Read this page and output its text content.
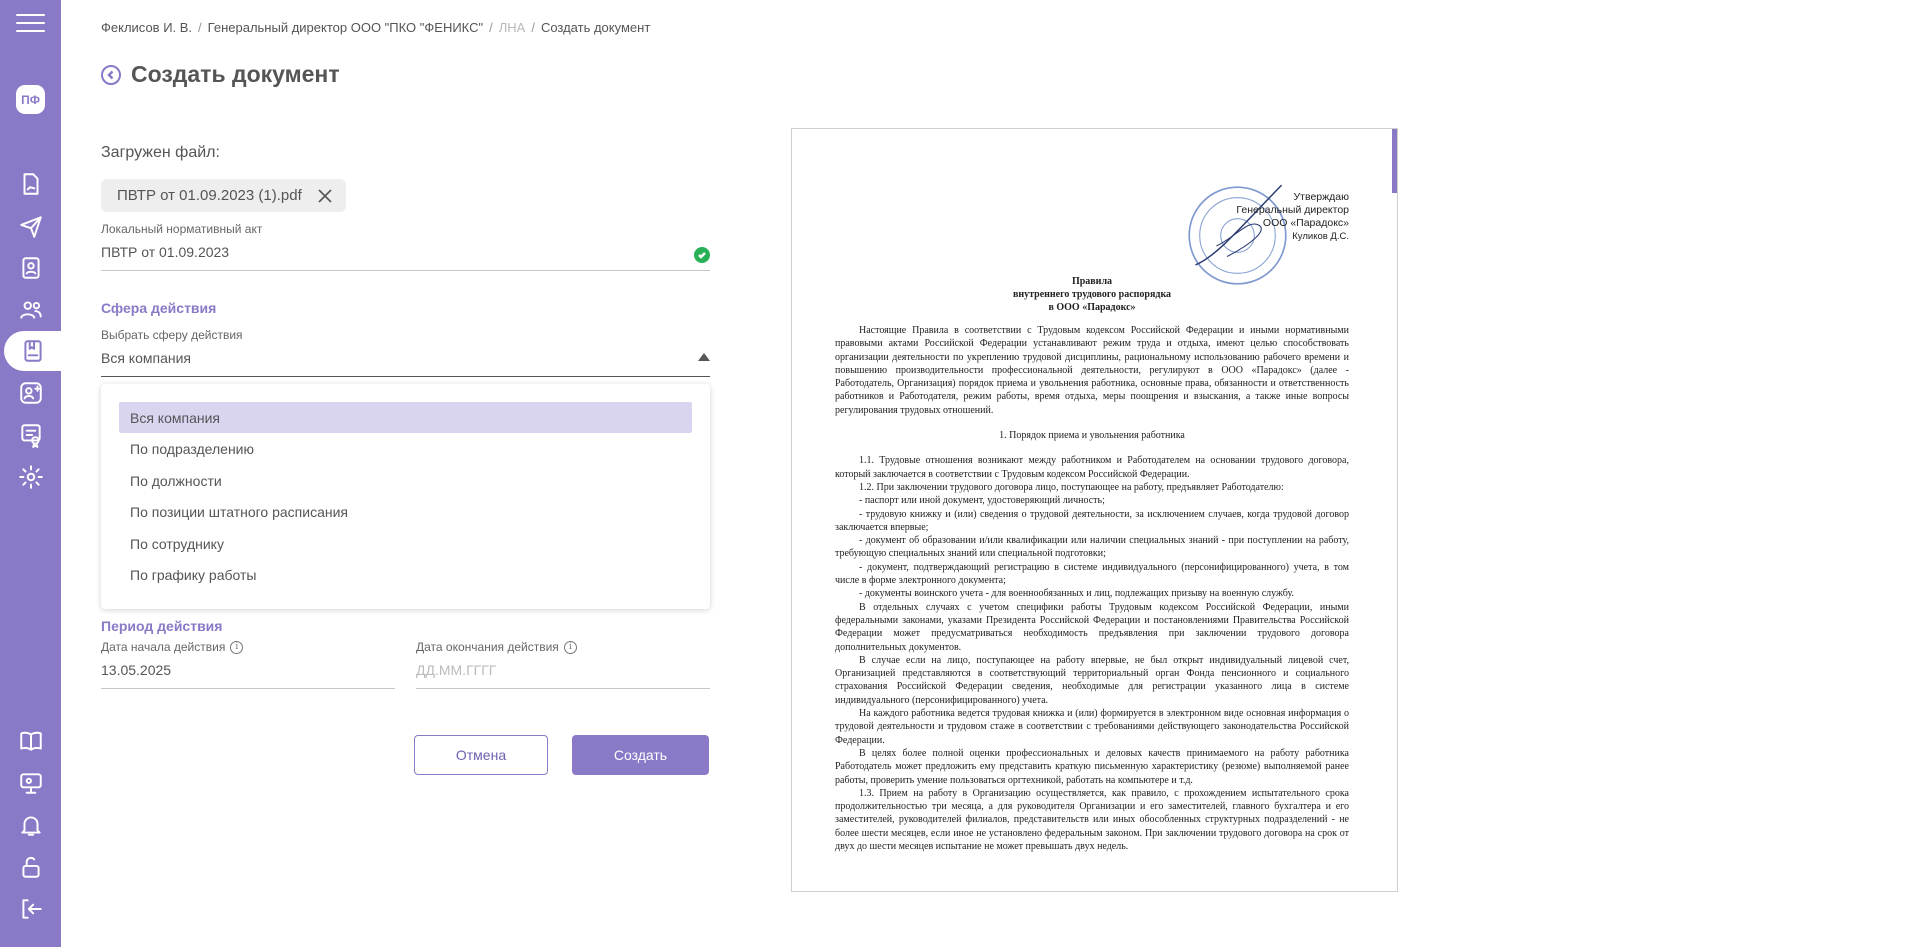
ПФ
Феклисов И. В. / Генеральный директор ООО "ПКО "ФЕНИКС" / ЛНА / Создать документ
Создать документ
Загружен файл:
ПВТР от 01.09.2023 (1).pdf
Локальный нормативный акт
ПВТР от 01.09.2023
Сфера действия
Выбрать сферу действия
Вся компания
Период действия
Дата начала действия	i
13.05.2025
Дата окончания действия	i
ДД.ММ.ГГГГ
Вся компания
По подразделению
По должности
По позиции штатного расписания
По сотруднику
По графику работы
Отмена	Создать
Утверждаю
Генеральный директор
ООО «Парадокс»
Куликов Д.С.
Правила
внутреннего трудового распорядка
в ООО «Парадокс»

Настоящие Правила в соответствии с Трудовым кодексом Российской Федерации и иными нормативными правовыми актами Российской Федерации устанавливают режим труда и отдыха, имеют целью способствовать организации деятельности по укреплению трудовой дисциплины, рациональному использованию рабочего времени и повышению производительности профессиональной деятельности, регулируют в ООО «Парадокс» (далее - Работодатель, Организация) порядок приема и увольнения работника, основные права, обязанности и ответственность работников и Работодателя, режим работы, время отдыха, меры поощрения и взыскания, а также иные вопросы регулирования трудовых отношений.

1. Порядок приема и увольнения работника

1.1. Трудовые отношения возникают между работником и Работодателем на основании трудового договора, который заключается в соответствии с Трудовым кодексом Российской Федерации.

1.2. При заключении трудового договора лицо, поступающее на работу, предъявляет Работодателю:

- паспорт или иной документ, удостоверяющий личность;

- трудовую книжку и (или) сведения о трудовой деятельности, за исключением случаев, когда трудовой договор заключается впервые;

- документ об образовании и/или квалификации или наличии специальных знаний - при поступлении на работу, требующую специальных знаний или специальной подготовки;

- документ, подтверждающий регистрацию в системе индивидуального (персонифицированного) учета, в том числе в форме электронного документа;

- документы воинского учета - для военнообязанных и лиц, подлежащих призыву на военную службу.

В отдельных случаях с учетом специфики работы Трудовым кодексом Российской Федерации, иными федеральными законами, указами Президента Российской Федерации и постановлениями Правительства Российской Федерации может предусматриваться необходимость предъявления при заключении трудового договора дополнительных документов.

В случае если на лицо, поступающее на работу впервые, не был открыт индивидуальный лицевой счет, Организацией представляются в соответствующий территориальный орган Фонда пенсионного и социального страхования Российской Федерации сведения, необходимые для регистрации указанного лица в системе индивидуального (персонифицированного) учета.

На каждого работника ведется трудовая книжка и (или) формируется в электронном виде основная информация о трудовой деятельности и трудовом стаже в соответствии с требованиями действующего законодательства Российской Федерации.

В целях более полной оценки профессиональных и деловых качеств принимаемого на работу работника Работодатель может предложить ему представить краткую письменную характеристику (резюме) выполняемой ранее работы, проверить умение пользоваться оргтехникой, работать на компьютере и т.д.

1.3. Прием на работу в Организацию осуществляется, как правило, с прохождением испытательного срока продолжительностью три месяца, а для руководителя Организации и его заместителей, главного бухгалтера и его заместителей, руководителей филиалов, представительств или иных обособленных структурных подразделений - не более шести месяцев, если иное не установлено федеральным законом. При заключении трудового договора на срок от двух до шести месяцев испытание не может превышать двух недель.
